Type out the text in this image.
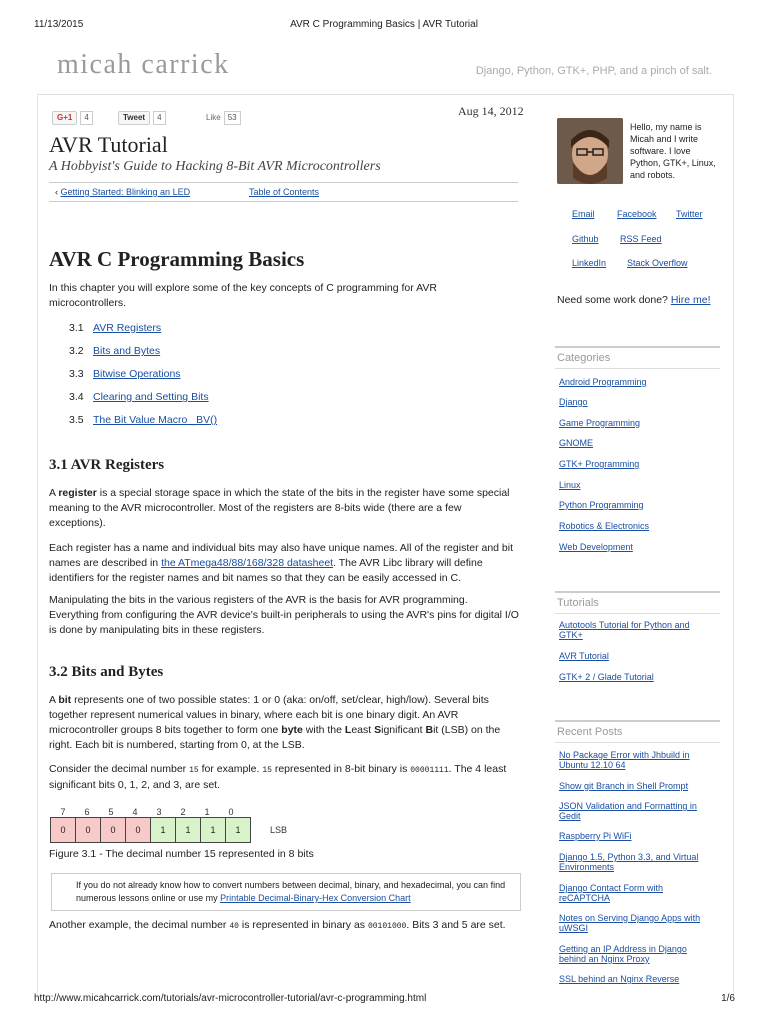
11/13/2015	AVR C Programming Basics | AVR Tutorial
micah carrick	Django, Python, GTK+, PHP, and a pinch of salt.
G+1 4	Tweet 4	Like 53	Aug 14, 2012
AVR Tutorial
A Hobbyist's Guide to Hacking 8-Bit AVR Microcontrollers
‹ Getting Started: Blinking an LED	Table of Contents
AVR C Programming Basics
In this chapter you will explore some of the key concepts of C programming for AVR microcontrollers.
3.1 AVR Registers
3.2 Bits and Bytes
3.3 Bitwise Operations
3.4 Clearing and Setting Bits
3.5 The Bit Value Macro _BV()
3.1 AVR Registers
A register is a special storage space in which the state of the bits in the register have some special meaning to the AVR microcontroller. Most of the registers are 8-bits wide (there are a few exceptions).
Each register has a name and individual bits may also have unique names. All of the register and bit names are described in the ATmega48/88/168/328 datasheet. The AVR Libc library will define identifiers for the register names and bit names so that they can be easily accessed in C.
Manipulating the bits in the various registers of the AVR is the basis for AVR programming. Everything from configuring the AVR device's built-in peripherals to using the AVR's pins for digital I/O is done by manipulating bits in these registers.
3.2 Bits and Bytes
A bit represents one of two possible states: 1 or 0 (aka: on/off, set/clear, high/low). Several bits together represent numerical values in binary, where each bit is one binary digit. An AVR microcontroller groups 8 bits together to form one byte with the Least Significant Bit (LSB) on the right. Each bit is numbered, starting from 0, at the LSB.
Consider the decimal number 15 for example. 15 represented in 8-bit binary is 00001111. The 4 least significant bits 0, 1, 2, and 3, are set.
7 6 5 4 3 2 1 0
0	0	0	0	1	1	1	1	LSB
Figure 3.1 - The decimal number 15 represented in 8 bits
If you do not already know how to convert numbers between decimal, binary, and hexadecimal, you can find numerous lessons online or use my Printable Decimal-Binary-Hex Conversion Chart
Another example, the decimal number 40 is represented in binary as 00101000. Bits 3 and 5 are set.
Hello, my name is Micah and I write software. I love Python, GTK+, Linux, and robots.
Email Facebook Twitter
Github RSS Feed
LinkedIn Stack Overflow
Need some work done? Hire me!
Categories
Android Programming
Django
Game Programming
GNOME
GTK+ Programming
Linux
Python Programming
Robotics & Electronics
Web Development
Tutorials
Autotools Tutorial for Python and GTK+
AVR Tutorial
GTK+ 2 / Glade Tutorial
Recent Posts
No Package Error with Jhbuild in Ubuntu 12.10 64
Show git Branch in Shell Prompt
JSON Validation and Formatting in Gedit
Raspberry Pi WiFi
Django 1.5, Python 3.3, and Virtual Environments
Django Contact Form with reCAPTCHA
Notes on Serving Django Apps with uWSGI
Getting an IP Address in Django behind an Nginx Proxy
SSL behind an Nginx Reverse
http://www.micahcarrick.com/tutorials/avr-microcontroller-tutorial/avr-c-programming.html	1/6
